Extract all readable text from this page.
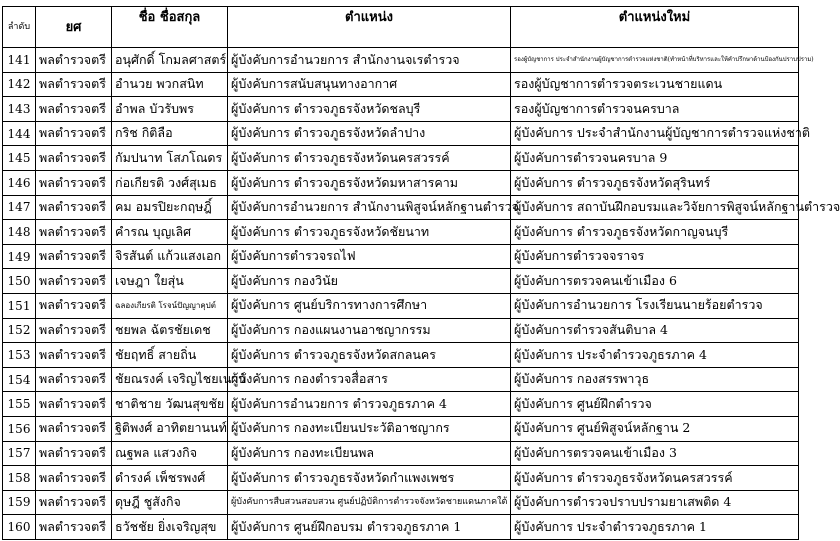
ลำดับ	ยศ	ชื่อ ชื่อสกุล	ตำแหน่ง	ตำแหน่งใหม่
141	พลตำรวจตรี	อนุศักดิ์ โกมลศาสตร์	ผู้บังคับการอำนวยการ สำนักงานจเรตำรวจ	รองผู้บัญชาการ ประจำสำนักงานผู้บัญชาการตำรวจแห่งชาติ(ทำหน้าที่บริหารและให้คำปรึกษาด้านป้องกันปราบปราม)
142	พลตำรวจตรี	อำนวย พวกสนิท	ผู้บังคับการสนับสนุนทางอากาศ	รองผู้บัญชาการตำรวจตระเวนชายแดน
143	พลตำรวจตรี	อำพล บัวรับพร	ผู้บังคับการ ตำรวจภูธรจังหวัดชลบุรี	รองผู้บัญชาการตำรวจนครบาล
144	พลตำรวจตรี	กริช กิติลือ	ผู้บังคับการ ตำรวจภูธรจังหวัดลำปาง	ผู้บังคับการ ประจำสำนักงานผู้บัญชาการตำรวจแห่งชาติ
145	พลตำรวจตรี	กัมปนาท โสภโณดร	ผู้บังคับการ ตำรวจภูธรจังหวัดนครสวรรค์	ผู้บังคับการตำรวจนครบาล 9
146	พลตำรวจตรี	ก่อเกียรติ วงศ์สุเมธ	ผู้บังคับการ ตำรวจภูธรจังหวัดมหาสารคาม	ผู้บังคับการ ตำรวจภูธรจังหวัดสุรินทร์
147	พลตำรวจตรี	คม อมรปิยะกฤษฎิ์	ผู้บังคับการอำนวยการ สำนักงานพิสูจน์หลักฐานตำรวจ	ผู้บังคับการ สถาบันฝึกอบรมและวิจัยการพิสูจน์หลักฐานตำรวจ
148	พลตำรวจตรี	คำรณ บุญเลิศ	ผู้บังคับการ ตำรวจภูธรจังหวัดชัยนาท	ผู้บังคับการ ตำรวจภูธรจังหวัดกาญจนบุรี
149	พลตำรวจตรี	จิรสันต์ แก้วแสงเอก	ผู้บังคับการตำรวจรถไฟ	ผู้บังคับการตำรวจจราจร
150	พลตำรวจตรี	เจษฎา ใยสุ่น	ผู้บังคับการ กองวินัย	ผู้บังคับการตรวจคนเข้าเมือง 6
151	พลตำรวจตรี	ฉลองเกียรติ โรจน์ปัญญาคุปต์	ผู้บังคับการ ศูนย์บริการทางการศึกษา	ผู้บังคับการอำนวยการ โรงเรียนนายร้อยตำรวจ
152	พลตำรวจตรี	ชยพล ฉัตรชัยเดช	ผู้บังคับการ กองแผนงานอาชญากรรม	ผู้บังคับการตำรวจสันติบาล 4
153	พลตำรวจตรี	ชัยฤทธิ์ สายถิ่น	ผู้บังคับการ ตำรวจภูธรจังหวัดสกลนคร	ผู้บังคับการ ประจำตำรวจภูธรภาค 4
154	พลตำรวจตรี	ชัยณรงค์ เจริญไชยเนาว์	ผู้บังคับการ กองตำรวจสื่อสาร	ผู้บังคับการ กองสรรพาวุธ
155	พลตำรวจตรี	ชาติชาย วัฒนสุขชัย	ผู้บังคับการอำนวยการ ตำรวจภูธรภาค 4	ผู้บังคับการ ศูนย์ฝึกตำรวจ
156	พลตำรวจตรี	ฐิติพงศ์ อาทิตยานนท์	ผู้บังคับการ กองทะเบียนประวัติอาชญากร	ผู้บังคับการ ศูนย์พิสูจน์หลักฐาน 2
157	พลตำรวจตรี	ณฐพล แสวงกิจ	ผู้บังคับการ กองทะเบียนพล	ผู้บังคับการตรวจคนเข้าเมือง 3
158	พลตำรวจตรี	ดำรงค์ เพ็ชรพงศ์	ผู้บังคับการ ตำรวจภูธรจังหวัดกำแพงเพชร	ผู้บังคับการ ตำรวจภูธรจังหวัดนครสวรรค์
159	พลตำรวจตรี	ดุษฎี ชูสังกิจ	ผู้บังคับการสืบสวนสอบสวน ศูนย์ปฏิบัติการตำรวจจังหวัดชายแดนภาคใต้	ผู้บังคับการตำรวจปราบปรามยาเสพติด 4
160	พลตำรวจตรี	ธวัชชัย ยิ่งเจริญสุข	ผู้บังคับการ ศูนย์ฝึกอบรม ตำรวจภูธรภาค 1	ผู้บังคับการ ประจำตำรวจภูธรภาค 1
